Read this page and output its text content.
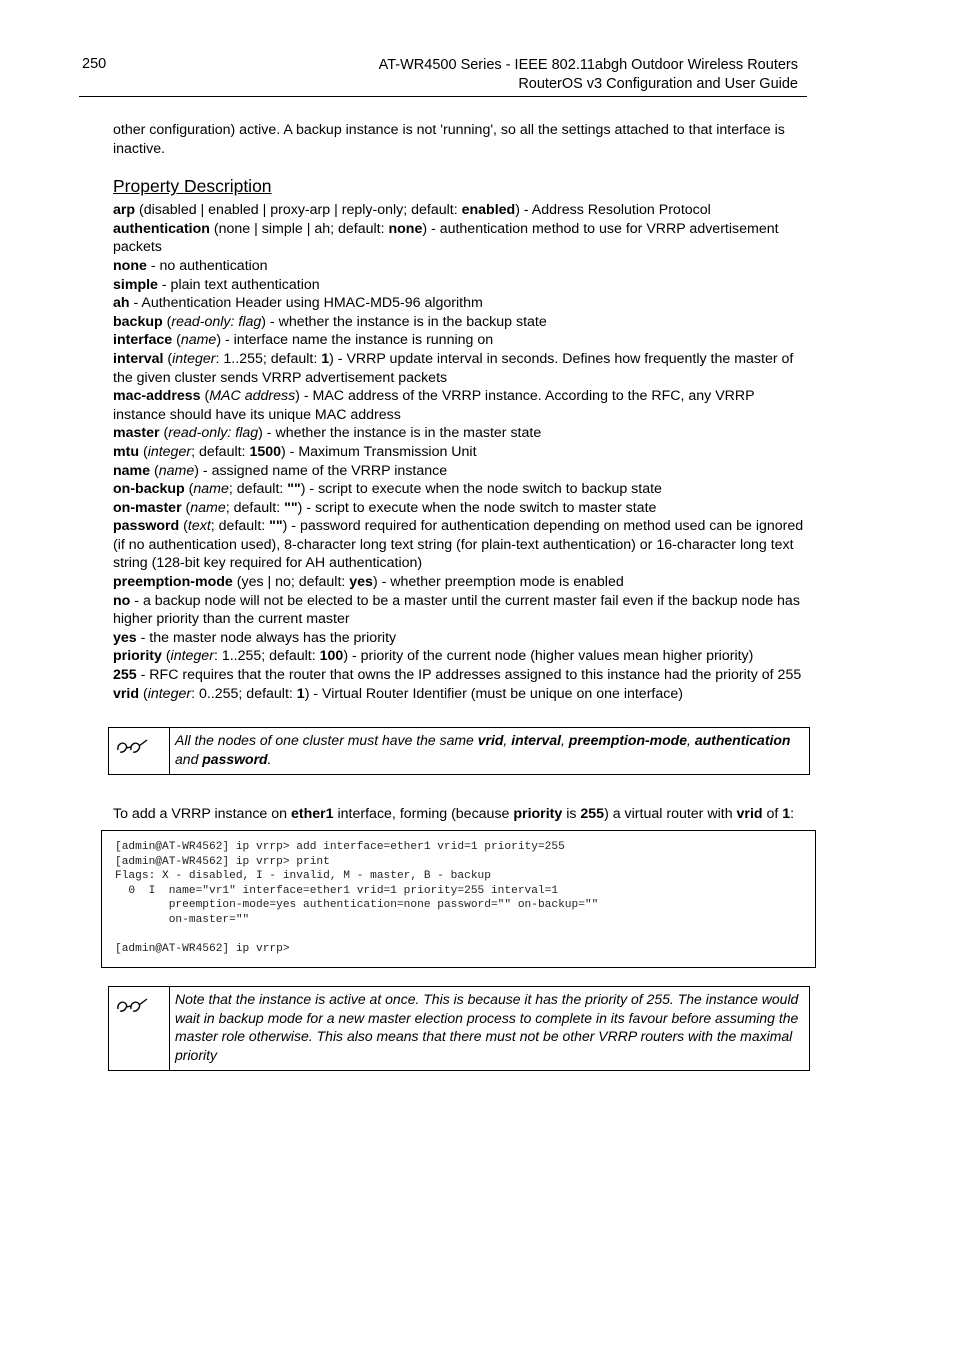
250	AT-WR4500 Series - IEEE 802.11abgh Outdoor Wireless Routers
RouterOS v3 Configuration and User Guide

other configuration) active. A backup instance is not 'running', so all the settings attached to that interface is inactive.

Property Description

arp (disabled | enabled | proxy-arp | reply-only; default: enabled) - Address Resolution Protocol

authentication (none | simple | ah; default: none) - authentication method to use for VRRP advertisement packets

none - no authentication

simple - plain text authentication

ah - Authentication Header using HMAC-MD5-96 algorithm

backup (read-only: flag) - whether the instance is in the backup state

interface (name) - interface name the instance is running on

interval (integer: 1..255; default: 1) - VRRP update interval in seconds. Defines how frequently the master of the given cluster sends VRRP advertisement packets

mac-address (MAC address) - MAC address of the VRRP instance. According to the RFC, any VRRP instance should have its unique MAC address

master (read-only: flag) - whether the instance is in the master state

mtu (integer; default: 1500) - Maximum Transmission Unit

name (name) - assigned name of the VRRP instance

on-backup (name; default: "") - script to execute when the node switch to backup state

on-master (name; default: "") - script to execute when the node switch to master state

password (text; default: "") - password required for authentication depending on method used can be ignored (if no authentication used), 8-character long text string (for plain-text authentication) or 16-character long text string (128-bit key required for AH authentication)

preemption-mode (yes | no; default: yes) - whether preemption mode is enabled

no - a backup node will not be elected to be a master until the current master fail even if the backup node has higher priority than the current master

yes - the master node always has the priority

priority (integer: 1..255; default: 100) - priority of the current node (higher values mean higher priority)

255 - RFC requires that the router that owns the IP addresses assigned to this instance had the priority of 255

vrid (integer: 0..255; default: 1) - Virtual Router Identifier (must be unique on one interface)

All the nodes of one cluster must have the same vrid, interval, preemption-mode, authentication and password.

To add a VRRP instance on ether1 interface, forming (because priority is 255) a virtual router with vrid of 1:

[admin@AT-WR4562] ip vrrp> add interface=ether1 vrid=1 priority=255
[admin@AT-WR4562] ip vrrp> print
Flags: X - disabled, I - invalid, M - master, B - backup
0  I  name="vr1" interface=ether1 vrid=1 priority=255 interval=1
preemption-mode=yes authentication=none password="" on-backup=""
on-master=""

[admin@AT-WR4562] ip vrrp>
Note that the instance is active at once. This is because it has the priority of 255. The instance would wait in backup mode for a new master election process to complete in its favour before assuming the master role otherwise. This also means that there must not be other VRRP routers with the maximal priority
